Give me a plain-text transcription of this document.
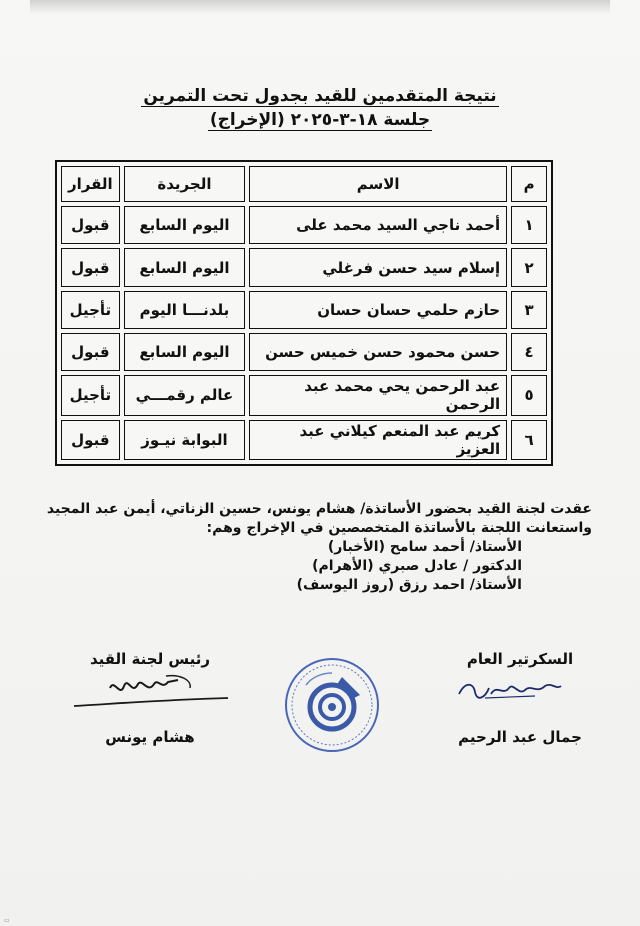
نتيجة المتقدمين للقيد بجدول تحت التمرين
جلسة ١٨-٣-٢٠٢٥ (الإخراج)
م	الاسم	الجريدة	القرار
١	أحمد ناجي السيد محمد على	اليوم السابع	قبول
٢	إسلام سيد حسن فرغلي	اليوم السابع	قبول
٣	حازم حلمي حسان حسان	بلدنـــا اليوم	تأجيل
٤	حسن محمود حسن خميس حسن	اليوم السابع	قبول
٥	عبد الرحمن يحي محمد عبد الرحمن	عالم رقمـــي	تأجيل
٦	كريم عبد المنعم كيلاني عبد العزيز	البوابة نيـوز	قبول
عقدت لجنة القيد بحضور الأساتذة/ هشام يونس، حسين الزناتي، أيمن عبد المجيد
واستعانت اللجنة بالأساتذة المتخصصين في الإخراج وهم:
الأستاذ/ أحمد سامح (الأخبار)
الدكتور / عادل صبري (الأهرام)
الأستاذ/ احمد رزق (روز اليوسف)
السكرتير العام
جمال عبد الرحيم
رئيس لجنة القيد
هشام يونس
▭
